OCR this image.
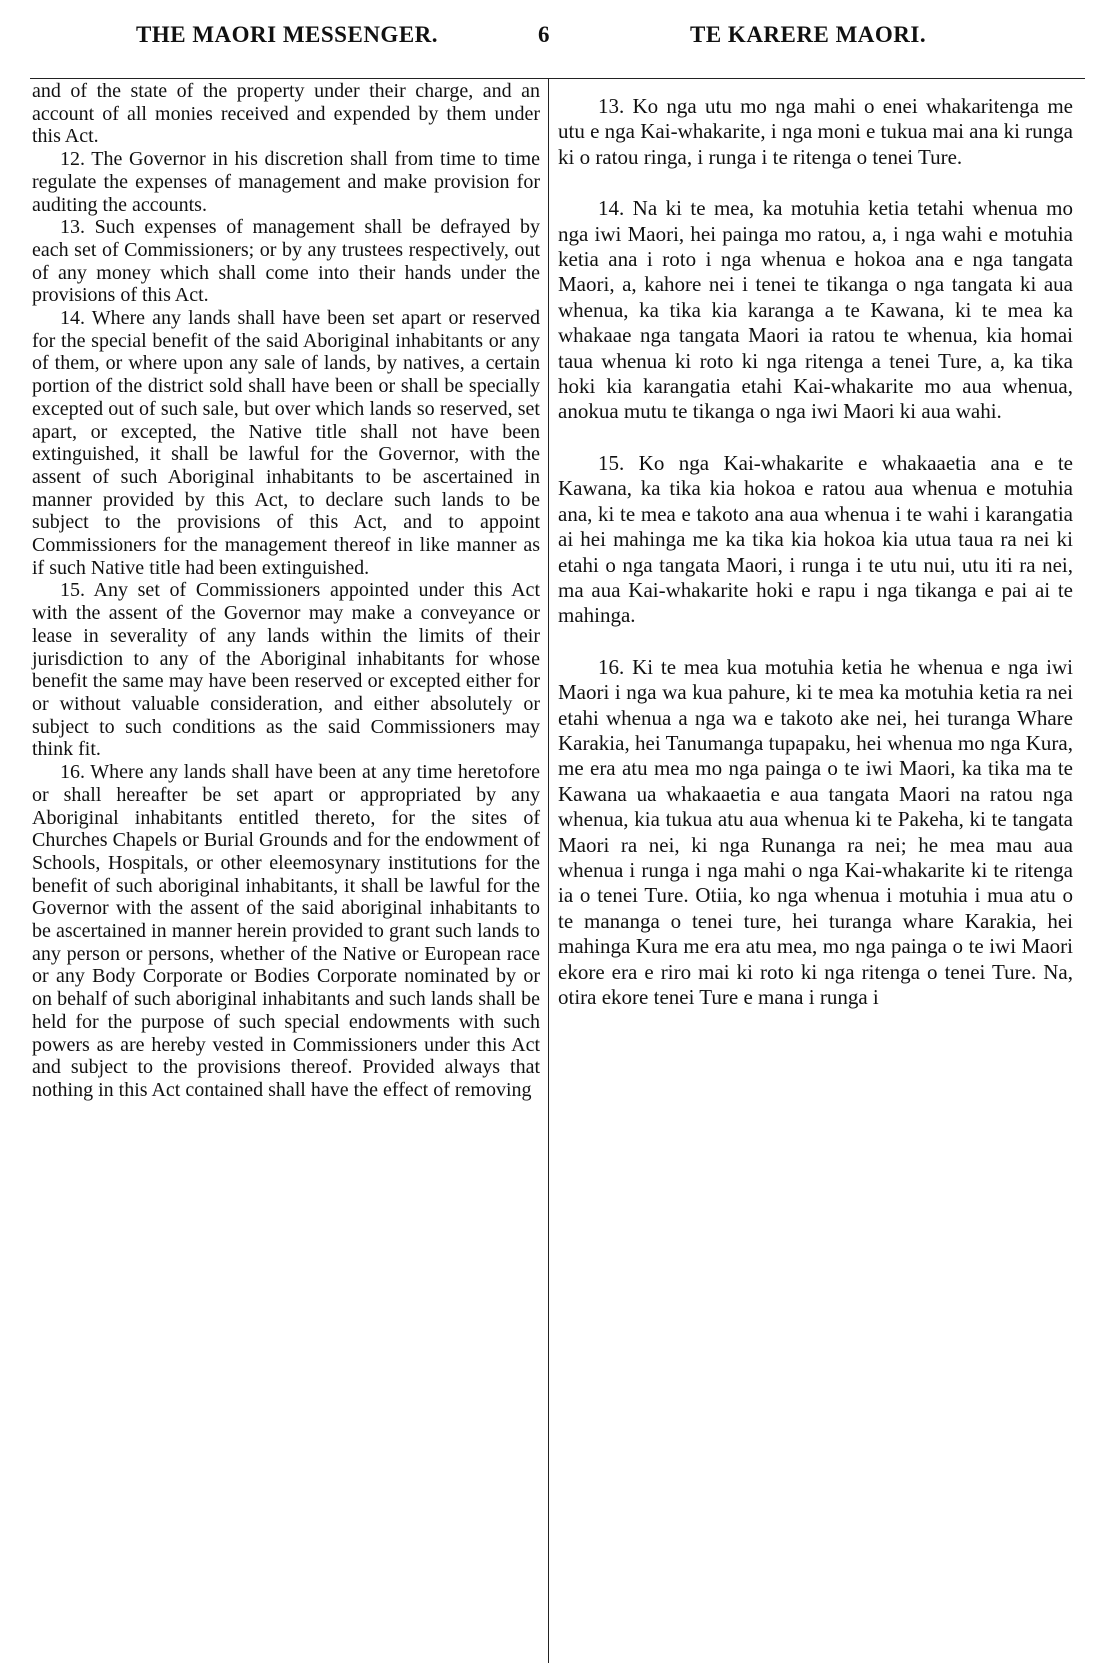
THE MAORI MESSENGER.	6	TE KARERE MAORI.

and of the state of the property under their charge, and an account of all monies received and expended by them under this Act.

12. The Governor in his discretion shall from time to time regulate the expenses of management and make provision for auditing the accounts.

13. Such expenses of management shall be defrayed by each set of Commissioners; or by any trustees respectively, out of any money which shall come into their hands under the provisions of this Act.

14. Where any lands shall have been set apart or reserved for the special benefit of the said Aboriginal inhabitants or any of them, or where upon any sale of lands, by natives, a certain portion of the district sold shall have been or shall be specially excepted out of such sale, but over which lands so reserved, set apart, or excepted, the Native title shall not have been extinguished, it shall be lawful for the Governor, with the assent of such Aboriginal inhabitants to be ascertained in manner provided by this Act, to declare such lands to be subject to the provisions of this Act, and to appoint Commissioners for the management thereof in like manner as if such Native title had been extinguished.

15. Any set of Commissioners appointed under this Act with the assent of the Governor may make a conveyance or lease in severality of any lands within the limits of their jurisdiction to any of the Aboriginal inhabitants for whose benefit the same may have been reserved or excepted either for or without valuable consideration, and either absolutely or subject to such conditions as the said Commissioners may think fit.

16. Where any lands shall have been at any time heretofore or shall hereafter be set apart or appropriated by any Aboriginal inhabitants entitled thereto, for the sites of Churches Chapels or Burial Grounds and for the endowment of Schools, Hospitals, or other eleemosynary institutions for the benefit of such aboriginal inhabitants, it shall be lawful for the Governor with the assent of the said aboriginal inhabitants to be ascertained in manner herein provided to grant such lands to any person or persons, whether of the Native or European race or any Body Corporate or Bodies Corporate nominated by or on behalf of such aboriginal inhabitants and such lands shall be held for the purpose of such special endowments with such powers as are hereby vested in Commissioners under this Act and subject to the provisions thereof. Provided always that nothing in this Act contained shall have the effect of removing

13. Ko nga utu mo nga mahi o enei whakaritenga me utu e nga Kai-whakarite, i nga moni e tukua mai ana ki runga ki o ratou ringa, i runga i te ritenga o tenei Ture.

14. Na ki te mea, ka motuhia ketia tetahi whenua mo nga iwi Maori, hei painga mo ratou, a, i nga wahi e motuhia ketia ana i roto i nga whenua e hokoa ana e nga tangata Maori, a, kahore nei i tenei te tikanga o nga tangata ki aua whenua, ka tika kia karanga a te Kawana, ki te mea ka whakaae nga tangata Maori ia ratou te whenua, kia homai taua whenua ki roto ki nga ritenga a tenei Ture, a, ka tika hoki kia karangatia etahi Kai-whakarite mo aua whenua, anokua mutu te tikanga o nga iwi Maori ki aua wahi.

15. Ko nga Kai-whakarite e whakaaetia ana e te Kawana, ka tika kia hokoa e ratou aua whenua e motuhia ana, ki te mea e takoto ana aua whenua i te wahi i karangatia ai hei mahinga me ka tika kia hokoa kia utua taua ra nei ki etahi o nga tangata Maori, i runga i te utu nui, utu iti ra nei, ma aua Kai-whakarite hoki e rapu i nga tikanga e pai ai te mahinga.

16. Ki te mea kua motuhia ketia he whenua e nga iwi Maori i nga wa kua pahure, ki te mea ka motuhia ketia ra nei etahi whenua a nga wa e takoto ake nei, hei turanga Whare Karakia, hei Tanumanga tupapaku, hei whenua mo nga Kura, me era atu mea mo nga painga o te iwi Maori, ka tika ma te Kawana ua whakaaetia e aua tangata Maori na ratou nga whenua, kia tukua atu aua whenua ki te Pakeha, ki te tangata Maori ra nei, ki nga Runanga ra nei; he mea mau aua whenua i runga i nga mahi o nga Kai-whakarite ki te ritenga ia o tenei Ture. Otiia, ko nga whenua i motuhia i mua atu o te mananga o tenei ture, hei turanga whare Karakia, hei mahinga Kura me era atu mea, mo nga painga o te iwi Maori ekore era e riro mai ki roto ki nga ritenga o tenei Ture. Na, otira ekore tenei Ture e mana i runga i
